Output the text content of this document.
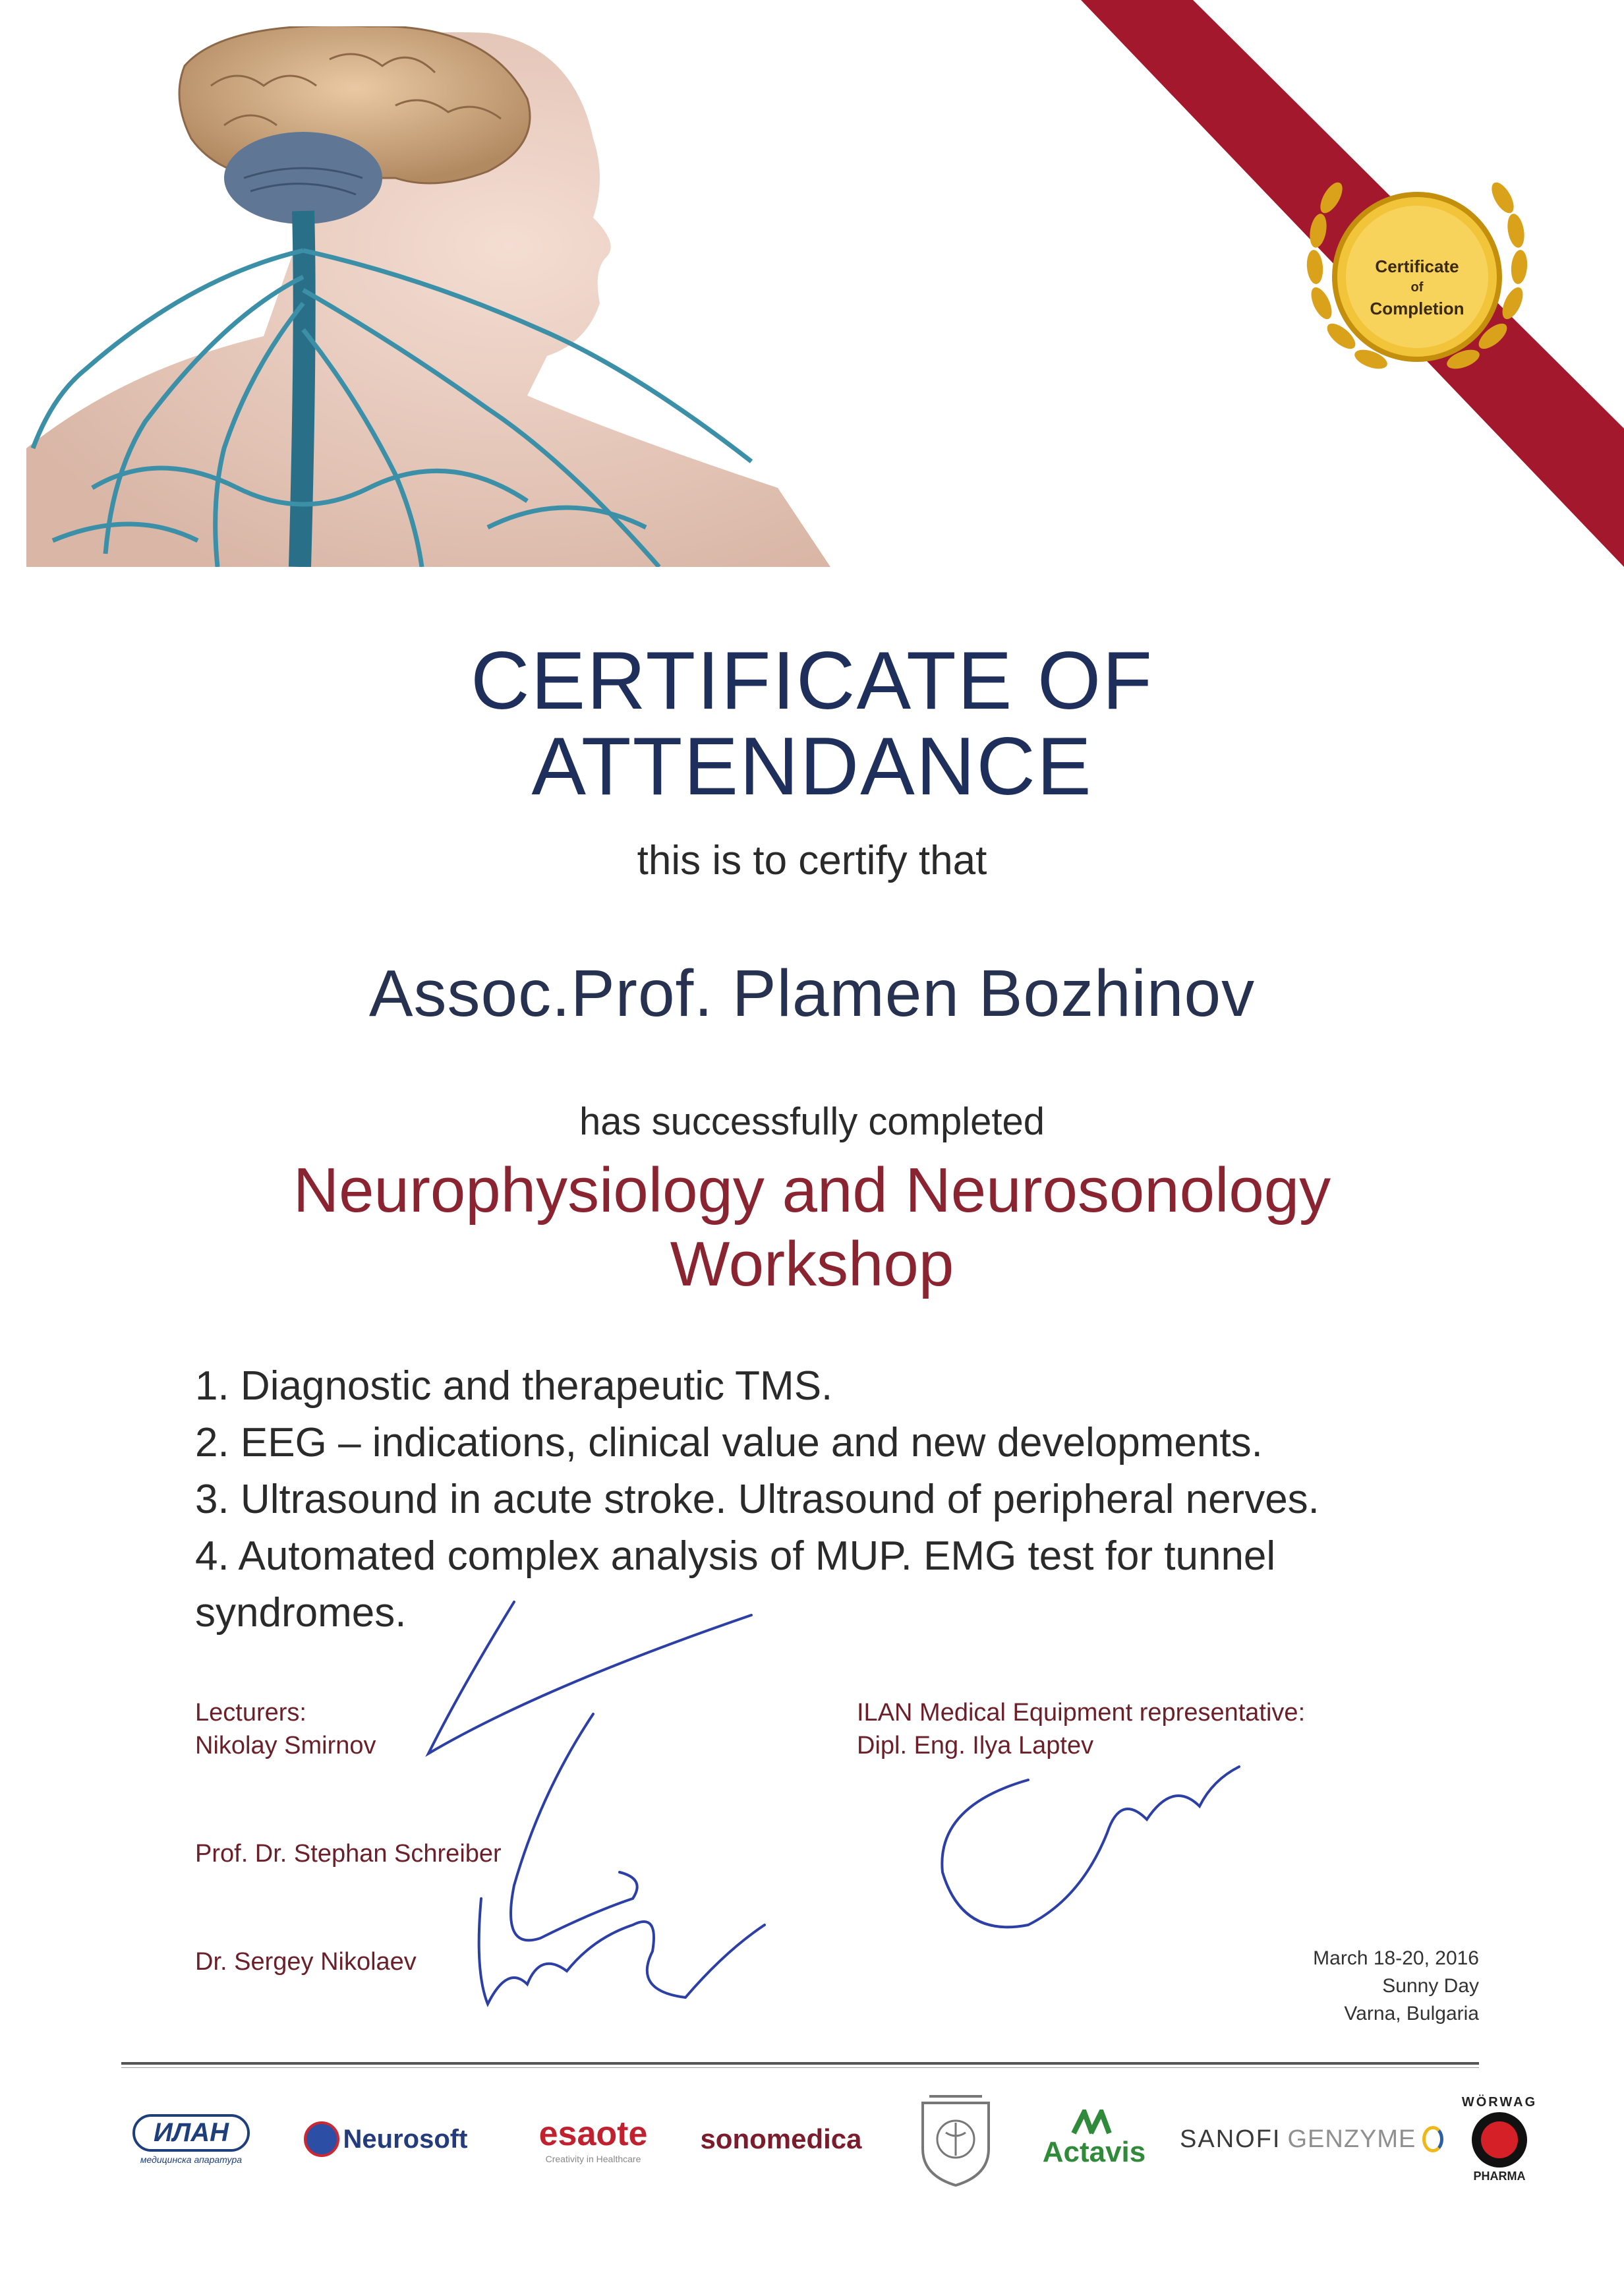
Certificate
of
Completion
CERTIFICATE OF
ATTENDANCE
this is to certify that
Assoc.Prof. Plamen Bozhinov
has successfully completed
Neurophysiology and Neurosonology
Workshop
1. Diagnostic and therapeutic TMS.
2. EEG – indications, clinical value and new developments.
3. Ultrasound in acute stroke. Ultrasound of peripheral nerves.
4. Automated complex analysis of MUP. EMG test for tunnel
syndromes.
Lecturers:
Nikolay Smirnov
Prof. Dr. Stephan Schreiber
Dr. Sergey Nikolaev
ILAN Medical Equipment representative:
Dipl. Eng. Ilya Laptev
March 18-20, 2016
Sunny Day
Varna, Bulgaria
ИЛАН
медицинска апаратура
Neurosoft esaote
Creativity in Healthcare
sonomedica	Actavis SANOFI GENZYME
WÖRWAG
PHARMA
